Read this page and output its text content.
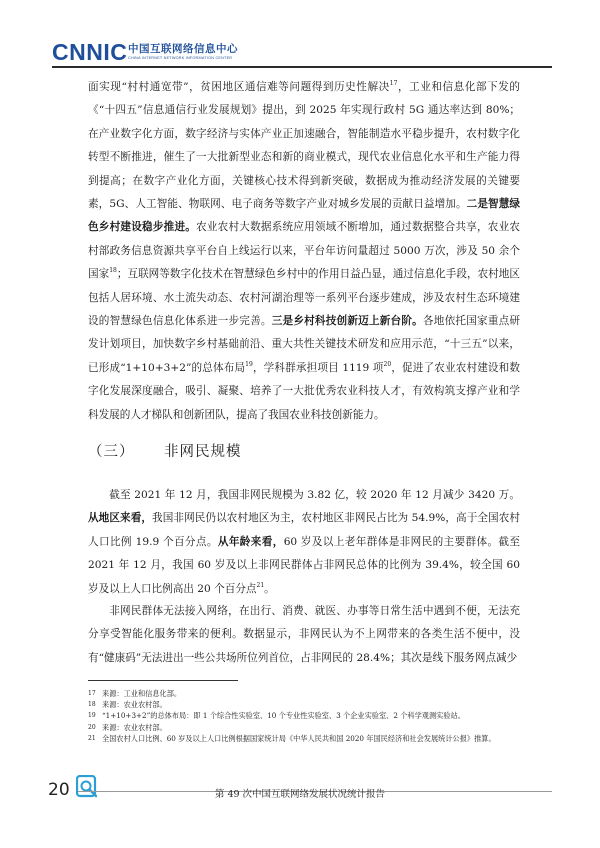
CNNIC 中国互联网络信息中心
CHINA INTERNET NETWORK INFORMATION CENTER

面实现“村村通宽带”，贫困地区通信难等问题得到历史性解决$^{17}$，工业和信息化部下发的《“十四五”信息通信行业发展规划》提出，到 2025 年实现行政村 5G 通达率达到 80%；在产业数字化方面，数字经济与实体产业正加速融合，智能制造水平稳步提升，农村数字化转型不断推进，催生了一大批新型业态和新的商业模式，现代农业信息化水平和生产能力得到提高；在数字产业化方面，关键核心技术得到新突破，数据成为推动经济发展的关键要素，5G、人工智能、物联网、电子商务等数字产业对城乡发展的贡献日益增加。二是智慧绿色乡村建设稳步推进。农业农村大数据系统应用领域不断增加，通过数据整合共享，农业农村部政务信息资源共享平台自上线运行以来，平台年访问量超过 5000 万次，涉及 50 余个国家$^{18}$；互联网等数字化技术在智慧绿色乡村中的作用日益凸显，通过信息化手段，农村地区包括人居环境、水土流失动态、农村河湖治理等一系列平台逐步建成，涉及农村生态环境建设的智慧绿色信息化体系进一步完善。三是乡村科技创新迈上新台阶。各地依托国家重点研发计划项目，加快数字乡村基础前沿、重大共性关键技术研发和应用示范，“十三五”以来，已形成“1+10+3+2”的总体布局$^{19}$，学科群承担项目 1119 项$^{20}$，促进了农业农村建设和数字化发展深度融合，吸引、凝聚、培养了一大批优秀农业科技人才，有效构筑支撑产业和学科发展的人才梯队和创新团队，提高了我国农业科技创新能力。

（三） 非网民规模

截至 2021 年 12 月，我国非网民规模为 3.82 亿，较 2020 年 12 月减少 3420 万。从地区来看，我国非网民仍以农村地区为主，农村地区非网民占比为 54.9%，高于全国农村人口比例 19.9 个百分点。从年龄来看，60 岁及以上老年群体是非网民的主要群体。截至 2021 年 12 月，我国 60 岁及以上非网民群体占非网民总体的比例为 39.4%，较全国 60 岁及以上人口比例高出 20 个百分点$^{21}$。

非网民群体无法接入网络，在出行、消费、就医、办事等日常生活中遇到不便，无法充分享受智能化服务带来的便利。数据显示，非网民认为不上网带来的各类生活不便中，没有“健康码”无法进出一些公共场所位列首位，占非网民的 28.4%；其次是线下服务网点减少

17 来源：工业和信息化部。
18 来源：农业农村部。
19 “1+10+3+2”的总体布局：即 1 个综合性实验室、10 个专业性实验室、3 个企业实验室、2 个科学观测实验站。
20 来源：农业农村部。
21 全国农村人口比例、60 岁及以上人口比例根据国家统计局《中华人民共和国 2020 年国民经济和社会发展统计公报》推算。
20	第 49 次中国互联网络发展状况统计报告
